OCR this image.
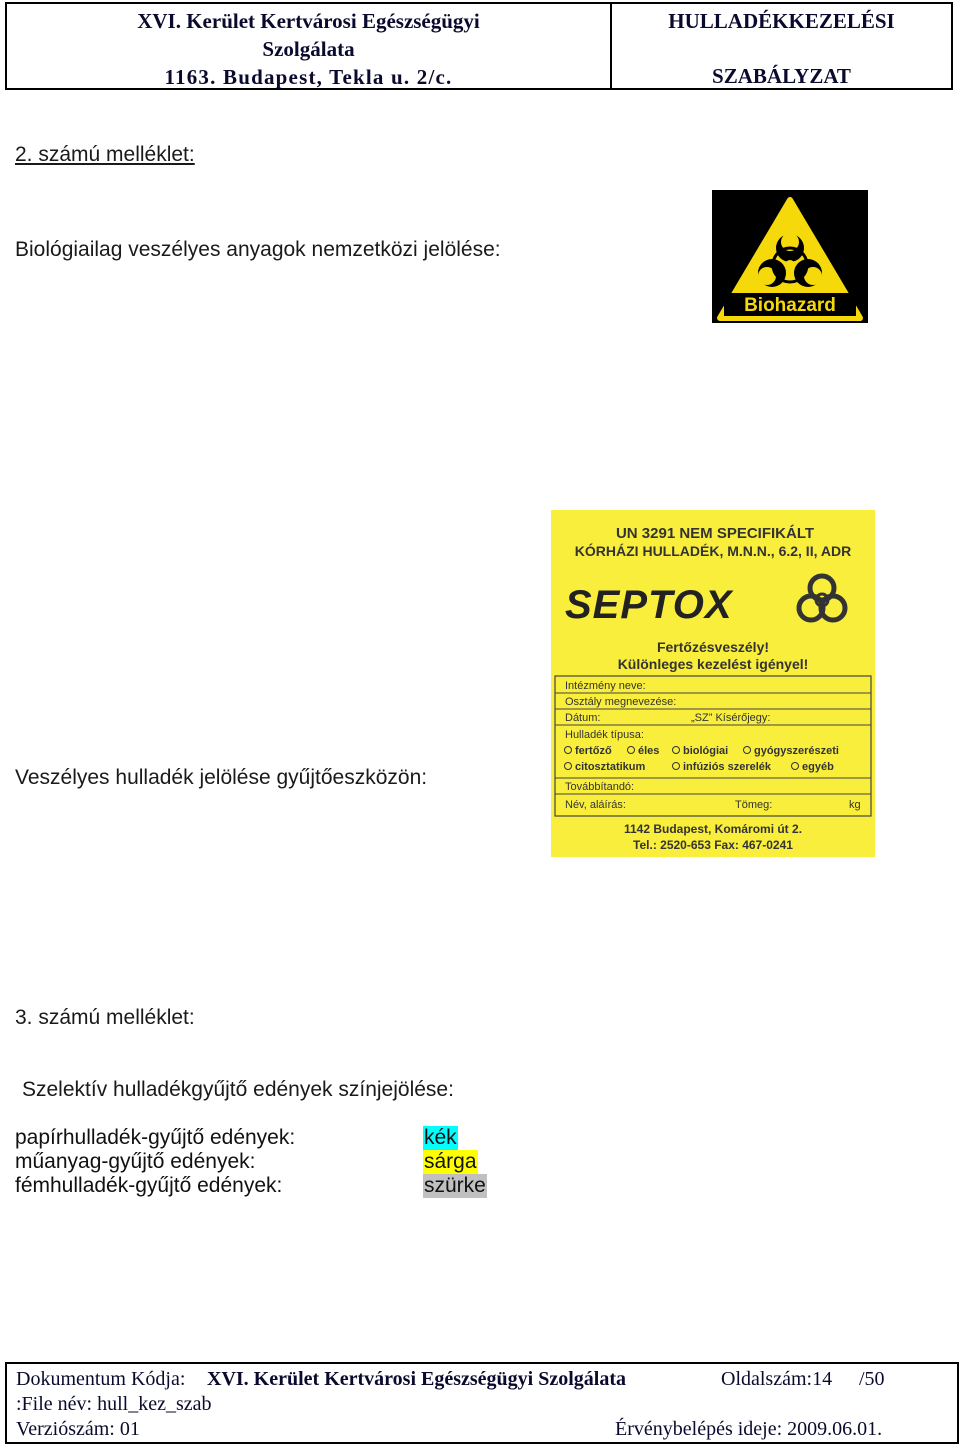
XVI. Kerület Kertvárosi Egészségügyi
Szolgálata
1163. Budapest, Tekla u. 2/c.
HULLADÉKKEZELÉSI
SZABÁLYZAT
2. számú melléklet:
Biológiailag veszélyes anyagok nemzetközi jelölése:
Biohazard
Veszélyes hulladék jelölése gyűjtőeszközön:
UN 3291 NEM SPECIFIKÁLT
KÓRHÁZI HULLADÉK, M.N.N., 6.2, II, ADR
SEPTOX
Fertőzésveszély!
Különleges kezelést igényel!
Intézmény neve:
Osztály megnevezése:
Dátum:	„SZ” Kísérőjegy:
Hulladék típusa:
Továbbítandó:
Név, aláírás:	Tömeg:	kg
fertőző éles biológiai gyógyszerészeti
citosztatikum	infúziós szerelék	egyéb
1142 Budapest, Komáromi út 2.
Tel.: 2520-653 Fax: 467-0241
3. számú melléklet:
Szelektív hulladékgyűjtő edények színjejölése:
papírhulladék-gyűjtő edények:	kék
műanyag-gyűjtő edények:	sárga
fémhulladék-gyűjtő edények:	szürke
Dokumentum Kódja: XVI. Kerület Kertvárosi Egészségügyi Szolgálata	Oldalszám:14 /50
:File név: hull_kez_szab
Verziószám: 01	Érvénybelépés ideje: 2009.06.01.
